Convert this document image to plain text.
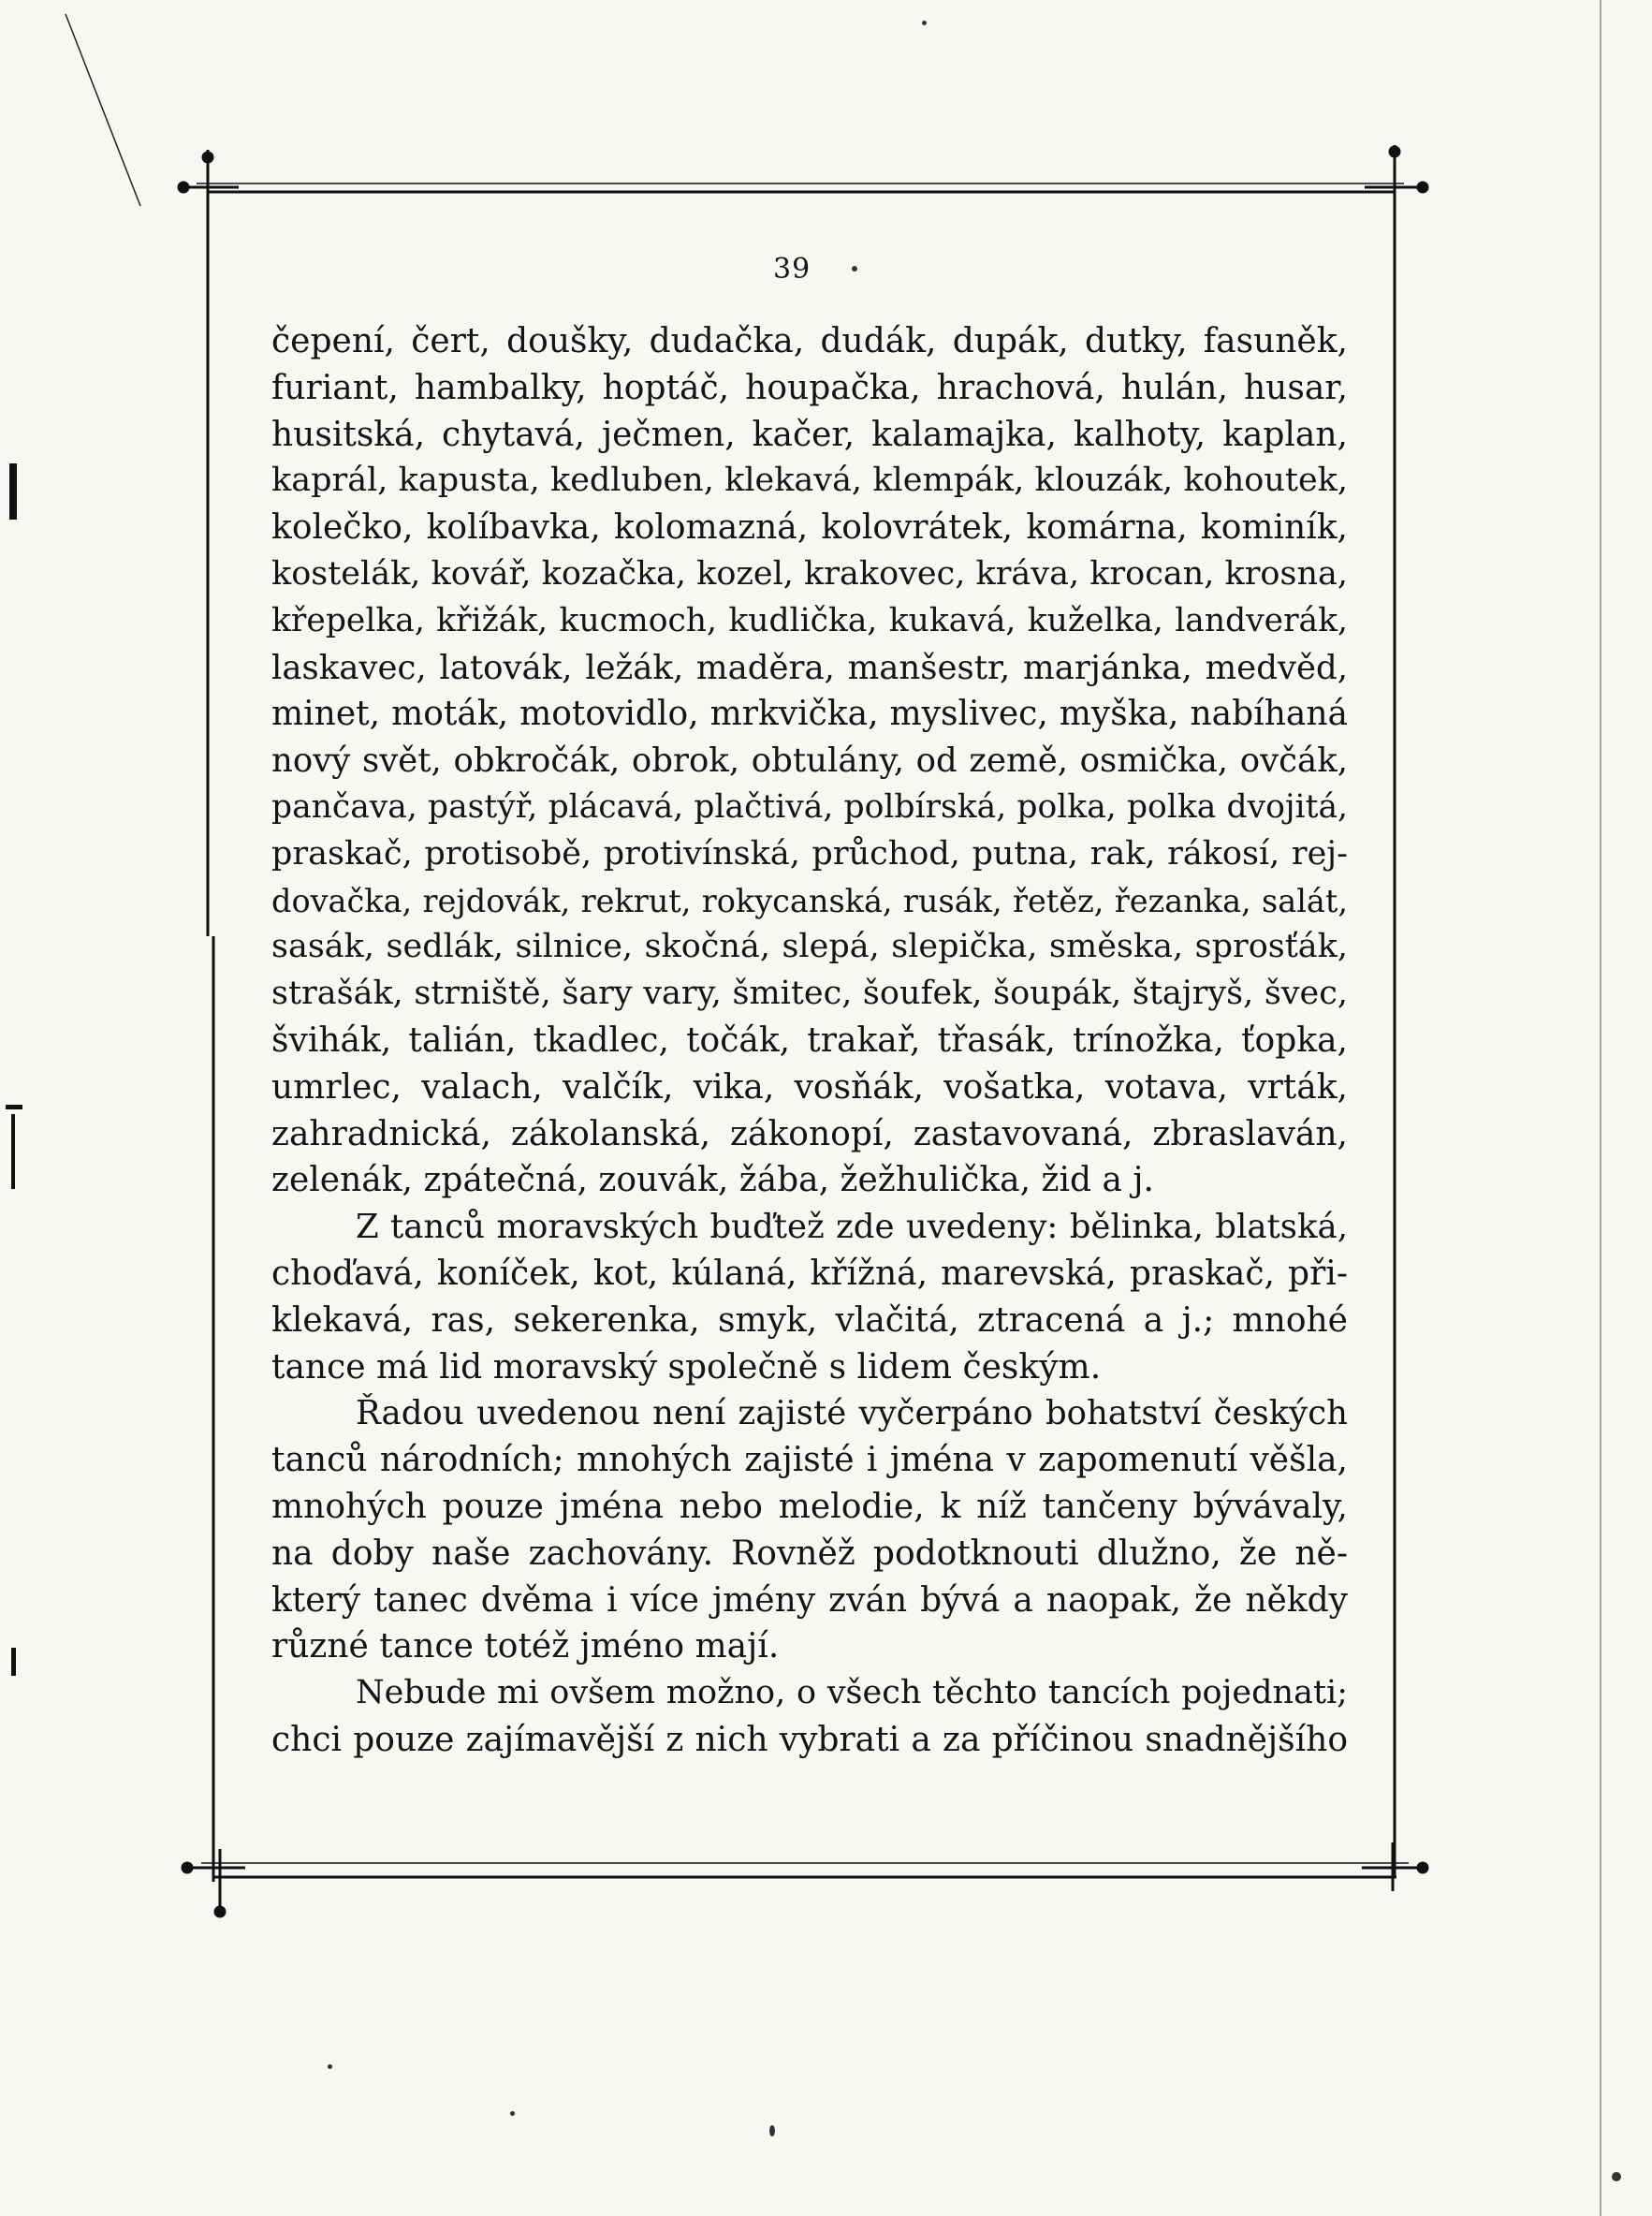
39
čepení, čert, doušky, dudačka, dudák, dupák, dutky, fasuněk,
furiant, hambalky, hoptáč, houpačka, hrachová, hulán, husar,
husitská, chytavá, ječmen, kačer, kalamajka, kalhoty, kaplan,
kaprál, kapusta, kedluben, klekavá, klempák, klouzák, kohoutek,
kolečko, kolíbavka, kolomazná, kolovrátek, komárna, kominík,
kostelák, kovář, kozačka, kozel, krakovec, kráva, krocan, krosna,
křepelka, křižák, kucmoch, kudlička, kukavá, kuželka, landverák,
laskavec, latovák, ležák, maděra, manšestr, marjánka, medvěd,
minet, moták, motovidlo, mrkvička, myslivec, myška, nabíhaná
nový svět, obkročák, obrok, obtulány, od země, osmička, ovčák,
pančava, pastýř, plácavá, plačtivá, polbírská, polka, polka dvojitá,
praskač, protisobě, protivínská, průchod, putna, rak, rákosí, rej-
dovačka, rejdovák, rekrut, rokycanská, rusák, řetěz, řezanka, salát,
sasák, sedlák, silnice, skočná, slepá, slepička, směska, sprosťák,
strašák, strniště, šary vary, šmitec, šoufek, šoupák, štajryš, švec,
švihák, talián, tkadlec, točák, trakař, třasák, trínožka, ťopka,
umrlec, valach, valčík, vika, vosňák, vošatka, votava, vrták,
zahradnická, zákolanská, zákonopí, zastavovaná, zbraslaván,
zelenák, zpátečná, zouvák, žába, žežhulička, žid a j.
Z tanců moravských buďtež zde uvedeny: bělinka, blatská,
choďavá, koníček, kot, kúlaná, křížná, marevská, praskač, při-
klekavá, ras, sekerenka, smyk, vlačitá, ztracená a j.; mnohé
tance má lid moravský společně s lidem českým.
Řadou uvedenou není zajisté vyčerpáno bohatství českých
tanců národních; mnohých zajisté i jména v zapomenutí věšla,
mnohých pouze jména nebo melodie, k níž tančeny bývávaly,
na doby naše zachovány. Rovněž podotknouti dlužno, že ně-
který tanec dvěma i více jmény zván bývá a naopak, že někdy
různé tance totéž jméno mají.
Nebude mi ovšem možno, o všech těchto tancích pojednati;
chci pouze zajímavější z nich vybrati a za příčinou snadnějšího
